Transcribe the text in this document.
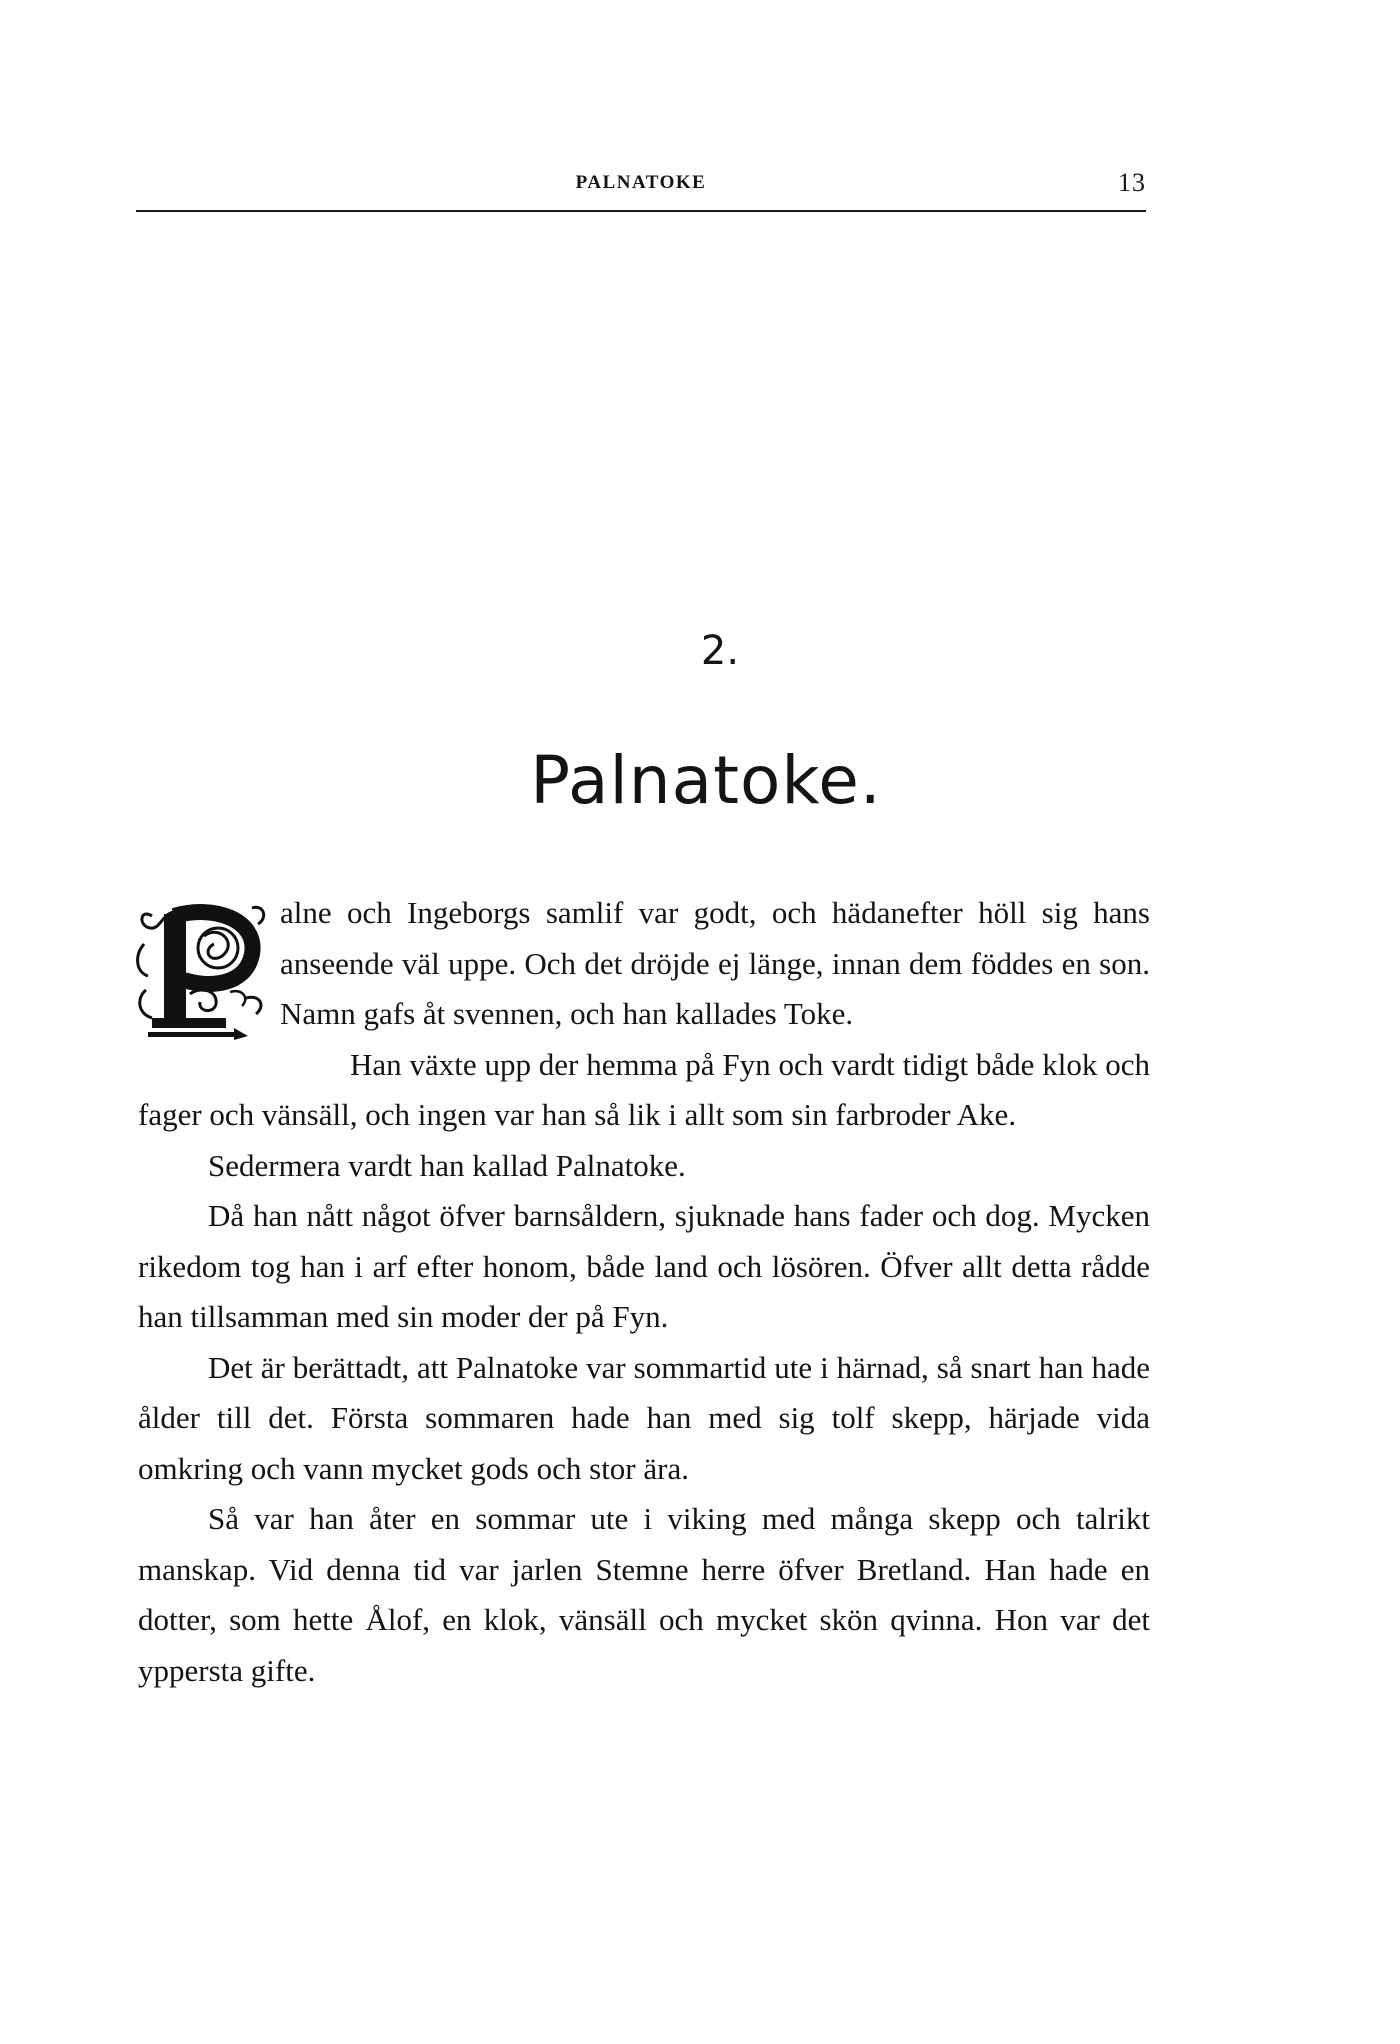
PALNATOKE	13
2.
Palnatoke.

alne och Ingeborgs samlif var godt, och hädanefter höll sig hans anseende väl uppe. Och det dröjde ej länge, innan dem föddes en son. Namn gafs åt svennen, och han kallades Toke.

Han växte upp der hemma på Fyn och vardt tidigt både klok och fager och vänsäll, och ingen var han så lik i allt som sin farbroder Ake.

Sedermera vardt han kallad Palnatoke.

Då han nått något öfver barnsåldern, sjuknade hans fader och dog. Mycken rikedom tog han i arf efter honom, både land och lösören. Öfver allt detta rådde han tillsamman med sin moder der på Fyn.

Det är berättadt, att Palnatoke var sommartid ute i härnad, så snart han hade ålder till det. Första sommaren hade han med sig tolf skepp, härjade vida omkring och vann mycket gods och stor ära.

Så var han åter en sommar ute i viking med många skepp och talrikt manskap. Vid denna tid var jarlen Stemne herre öfver Bretland. Han hade en dotter, som hette Ålof, en klok, vänsäll och mycket skön qvinna. Hon var det yppersta gifte.
